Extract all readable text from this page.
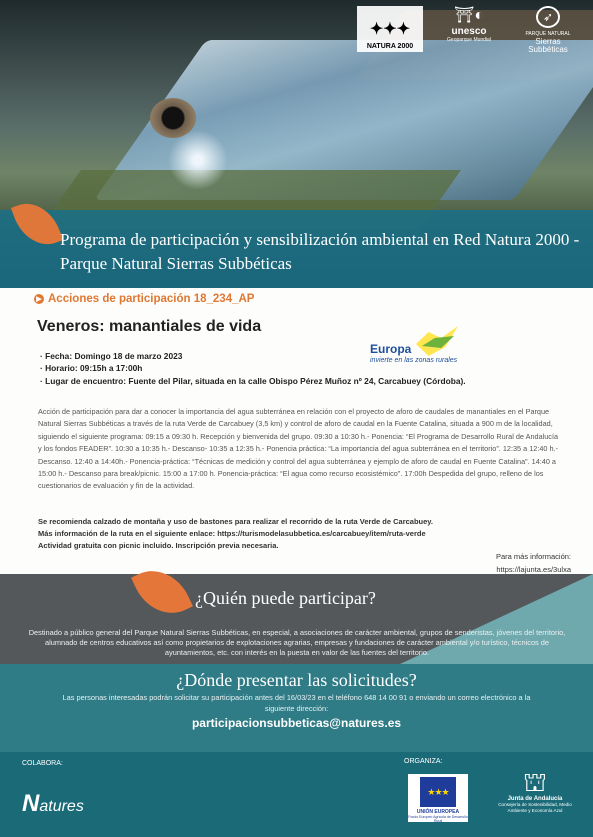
Programa de participación y sensibilización ambiental en Red Natura 2000 - Parque Natural Sierras Subbéticas
✦✦✦
NATURA 2000
⛩◐
unesco
Geoparque Mundial
➶
PARQUE NATURAL
Sierras Subbéticas
▶ Acciones de participación 18_234_AP
Veneros: manantiales de vida
Europa
invierte en las zonas rurales
· Fecha: Domingo 18 de marzo 2023
· Horario: 09:15h a 17:00h
· Lugar de encuentro: Fuente del Pilar, situada en la calle Obispo Pérez Muñoz nº 24, Carcabuey (Córdoba).

Acción de participación para dar a conocer la importancia del agua subterránea en relación con el proyecto de aforo de caudales de manantiales en el Parque Natural Sierras Subbéticas a través de la ruta Verde de Carcabuey (3,5 km) y control de aforo de caudal en la Fuente Catalina, situada a 900 m de la localidad, siguiendo el siguiente programa: 09:15 a 09:30 h. Recepción y bienvenida del grupo. 09:30 a 10:30 h.- Ponencia: “El Programa de Desarrollo Rural de Andalucía y los fondos FEADER”. 10:30 a 10:35 h.- Descanso- 10:35 a 12:35 h.- Ponencia práctica: “La importancia del agua subterránea en el territorio”. 12:35 a 12:40 h.- Descanso. 12:40 a 14:40h.- Ponencia-práctica: “Técnicas de medición y control del agua subterránea y ejemplo de aforo de caudal en Fuente Catalina”. 14:40 a 15:00 h.- Descanso para break/picnic. 15:00 a 17:00 h. Ponencia-práctica: “El agua como recurso ecosistémico”. 17:00h Despedida del grupo, relleno de los cuestionarios de evaluación y fin de la actividad.

Se recomienda calzado de montaña y uso de bastones para realizar el recorrido de la ruta Verde de Carcabuey.
Más información de la ruta en el siguiente enlace: https://turismodelasubbetica.es/carcabuey/item/ruta-verde
Actividad gratuita con picnic incluido. Inscripción previa necesaria.
Para más información:
https://lajunta.es/3ulxa
¿Quién puede participar?

Destinado a público general del Parque Natural Sierras Subbéticas, en especial, a asociaciones de carácter ambiental, grupos de senderistas, jóvenes del territorio, alumnado de centros educativos así como propietarios de explotaciones agrarias, empresas y fundaciones de carácter ambiental y/o turístico, técnicos de ayuntamientos, etc. con interés en la puesta en valor de las fuentes del territorio.

¿Dónde presentar las solicitudes?

Las personas interesadas podrán solicitar su participación antes del 16/03/23 en el teléfono 648 14 00 91 o enviando un correo electrónico a la siguiente dirección:

participacionsubbeticas@natures.es
COLABORA:
Natures
ORGANIZA:
★★★
UNIÓN EUROPEA
Fondo Europeo Agrícola de Desarrollo Rural
⛫
Junta de Andalucía
Consejería de Sostenibilidad, Medio Ambiente y Economía Azul
